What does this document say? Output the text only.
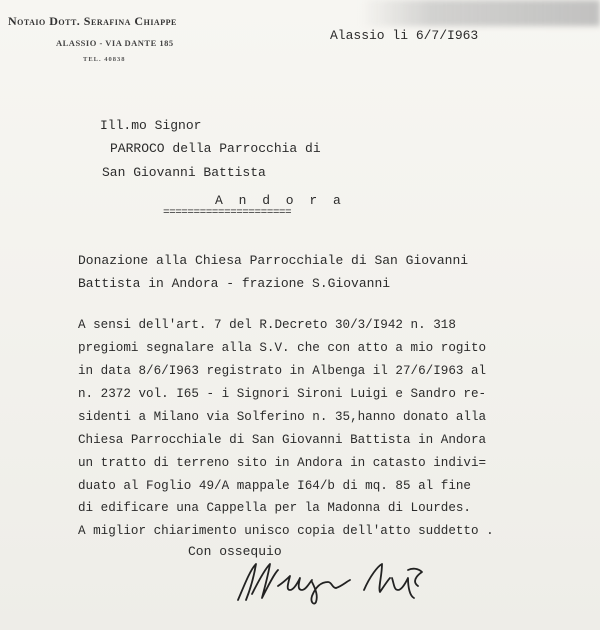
Notaio Dott. Serafina Chiappe
ALASSIO - VIA DANTE 185
TEL. 40838
Alassio li 6/7/I963
Ill.mo Signor
PARROCO della Parrocchia di
San Giovanni Battista
A n d o r a
=====================
Donazione alla Chiesa Parrocchiale di San Giovanni
Battista in Andora - frazione S.Giovanni
A sensi dell'art. 7 del R.Decreto 30/3/I942 n. 318
pregiomi segnalare alla S.V. che con atto a mio rogito
in data 8/6/I963 registrato in Albenga il 27/6/I963 al
n. 2372 vol. I65 - i Signori Sironi Luigi e Sandro re-
sidenti a Milano via Solferino n. 35,hanno donato alla
Chiesa Parrocchiale di San Giovanni Battista in Andora
un tratto di terreno sito in Andora in catasto indivi=
duato al Foglio 49/A mappale I64/b di mq. 85 al fine
di edificare una Cappella per la Madonna di Lourdes.
A miglior chiarimento unisco copia dell'atto suddetto .
Con ossequio
